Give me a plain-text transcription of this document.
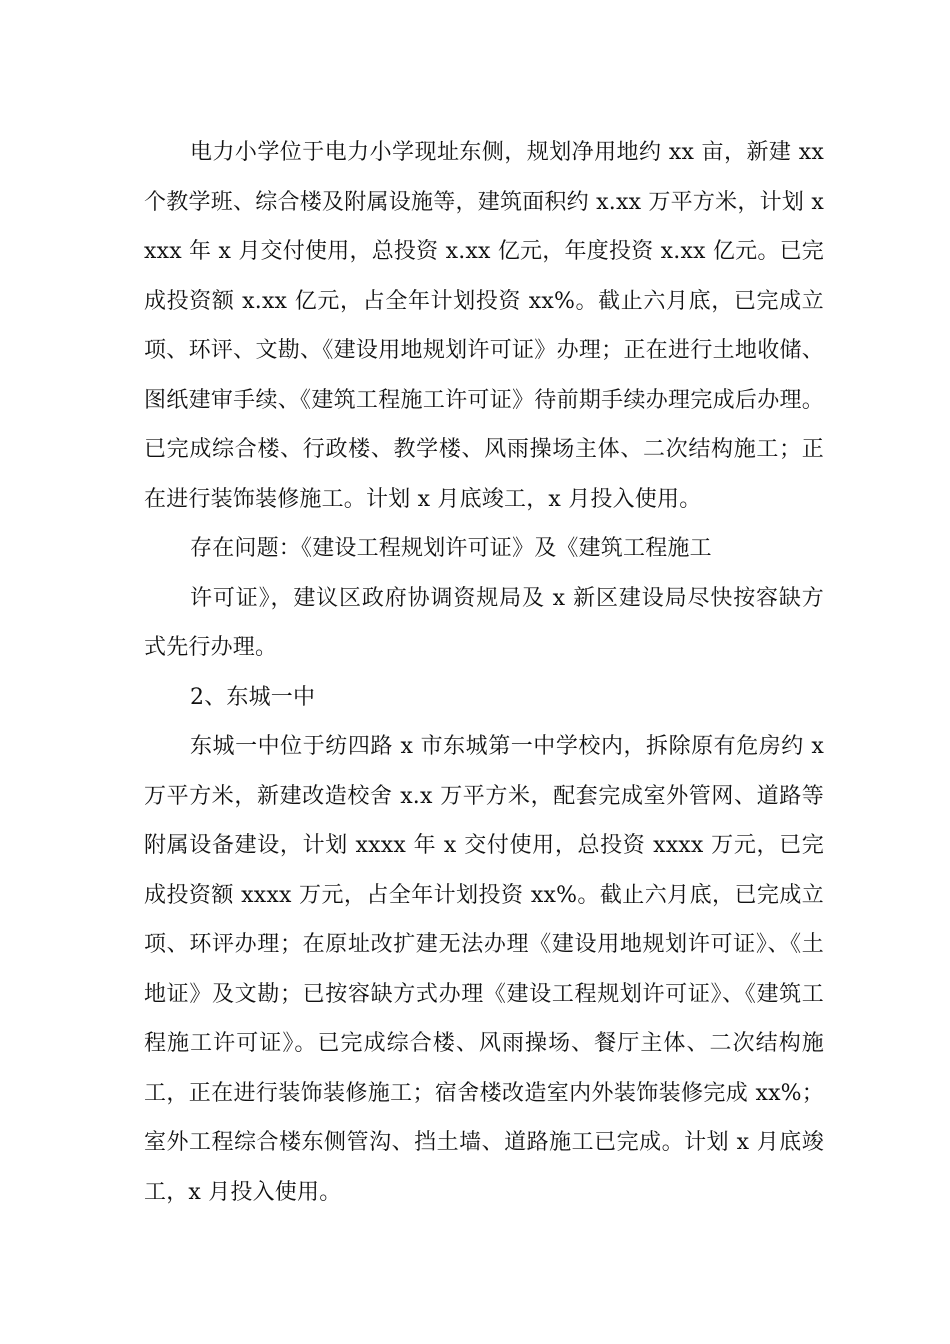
电力小学位于电力小学现址东侧，规划净用地约 xx 亩，新建 xx 个教学班、综合楼及附属设施等，建筑面积约 x.xx 万平方米，计划 xxxx 年 x 月交付使用，总投资 x.xx 亿元，年度投资 x.xx 亿元。已完成投资额 x.xx 亿元，占全年计划投资 xx%。截止六月底，已完成立项、环评、文勘、《建设用地规划许可证》办理；正在进行土地收储、图纸建审手续、《建筑工程施工许可证》待前期手续办理完成后办理。已完成综合楼、行政楼、教学楼、风雨操场主体、二次结构施工；正在进行装饰装修施工。计划 x 月底竣工，x 月投入使用。

存在问题：《建设工程规划许可证》及《建筑工程施工

许可证》，建议区政府协调资规局及 x 新区建设局尽快按容缺方式先行办理。

2、东城一中

东城一中位于纺四路 x 市东城第一中学校内，拆除原有危房约 x 万平方米，新建改造校舍 x.x 万平方米，配套完成室外管网、道路等附属设备建设，计划 xxxx 年 x 交付使用，总投资 xxxx 万元，已完成投资额 xxxx 万元，占全年计划投资 xx%。截止六月底，已完成立项、环评办理；在原址改扩建无法办理《建设用地规划许可证》、《土地证》及文勘；已按容缺方式办理《建设工程规划许可证》、《建筑工程施工许可证》。已完成综合楼、风雨操场、餐厅主体、二次结构施工，正在进行装饰装修施工；宿舍楼改造室内外装饰装修完成 xx%；室外工程综合楼东侧管沟、挡土墙、道路施工已完成。计划 x 月底竣工，x 月投入使用。
